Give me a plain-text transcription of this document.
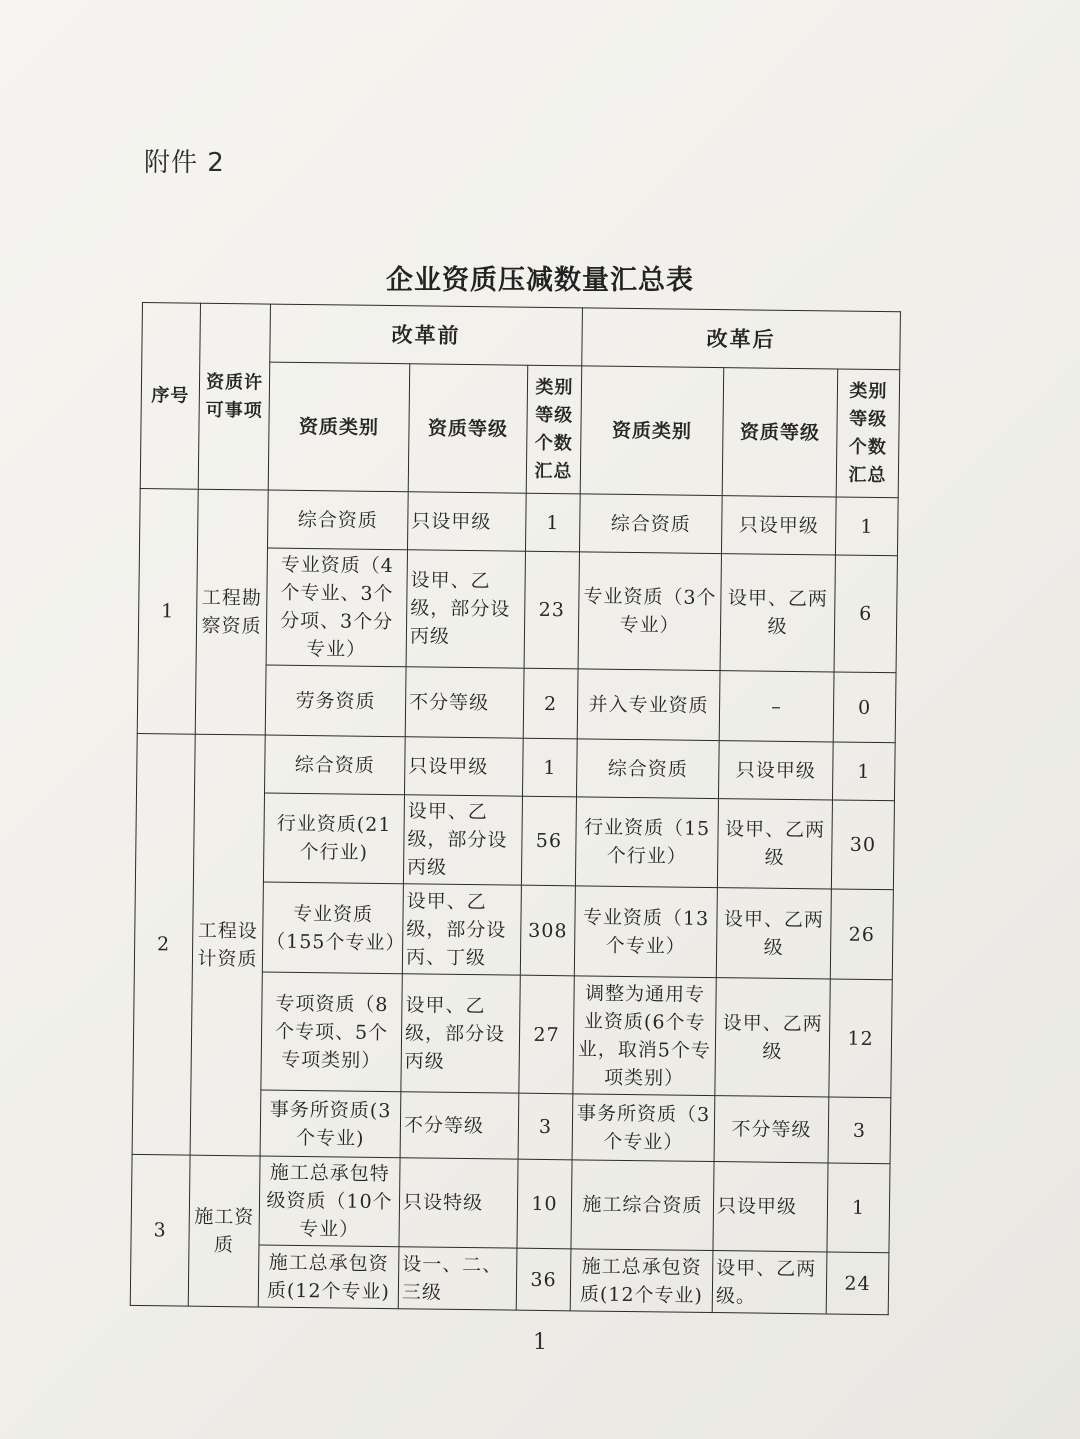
附件 2
企业资质压减数量汇总表
序号	资质许可事项	改革前			改革后		
		资质类别	资质等级	类别等级个数汇总	资质类别	资质等级	类别等级个数汇总
1	工程勘察资质	综合资质	只设甲级	1	综合资质	只设甲级	1
		专业资质（4个专业、3个分项、3个分专业）	设甲、乙级，部分设丙级	23	专业资质（3个专业）	设甲、乙两级	6
		劳务资质	不分等级	2	并入专业资质	–	0
2	工程设计资质	综合资质	只设甲级	1	综合资质	只设甲级	1
		行业资质(21个行业)	设甲、乙级，部分设丙级	56	行业资质（15个行业）	设甲、乙两级	30
		专业资质（155个专业）	设甲、乙级，部分设丙、丁级	308	专业资质（13个专业）	设甲、乙两级	26
		专项资质（8个专项、5个专项类别）	设甲、乙级，部分设丙级	27	调整为通用专业资质(6个专业，取消5个专项类别）	设甲、乙两级	12
		事务所资质(3个专业)	不分等级	3	事务所资质（3个专业）	不分等级	3
3	施工资质	施工总承包特级资质（10个专业）	只设特级	10	施工综合资质	只设甲级	1
		施工总承包资质(12个专业)	设一、二、三级	36	施工总承包资质(12个专业)	设甲、乙两级。	24
1
